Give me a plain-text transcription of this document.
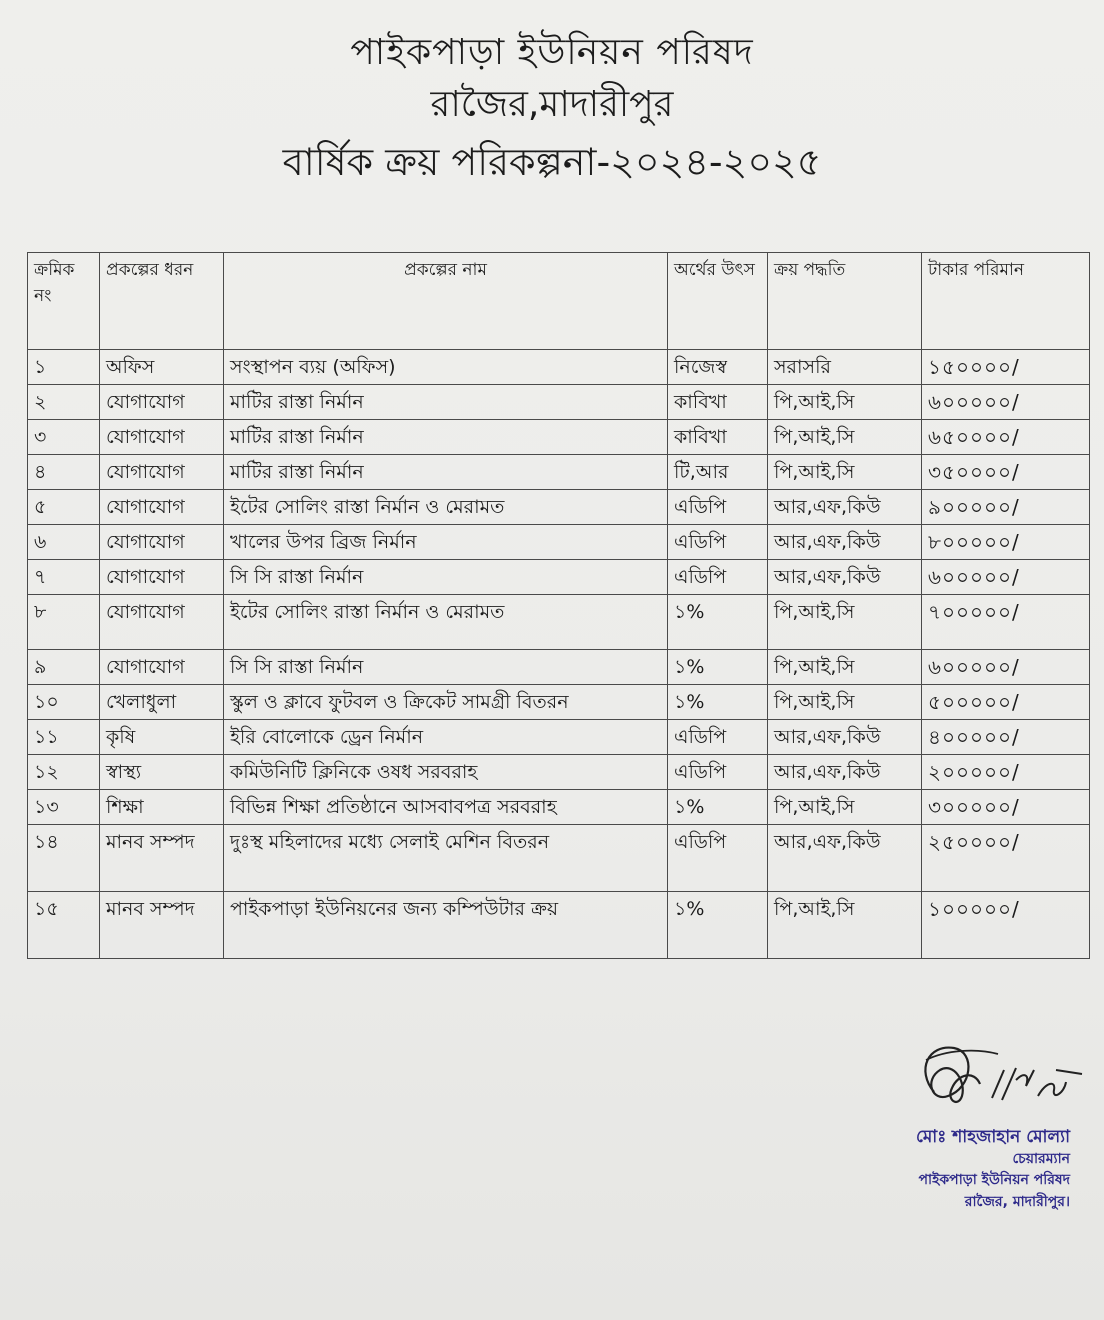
পাইকপাড়া ইউনিয়ন পরিষদ
রাজৈর,মাদারীপুর
বার্ষিক ক্রয় পরিকল্পনা-২০২৪-২০২৫
ক্রমিক নং	প্রকল্পের ধরন	প্রকল্পের নাম	অর্থের উৎস	ক্রয় পদ্ধতি	টাকার পরিমান
১	অফিস	সংস্থাপন ব্যয় (অফিস)	নিজেস্ব	সরাসরি	১৫০০০০/
২	যোগাযোগ	মাটির রাস্তা নির্মান	কাবিখা	পি,আই,সি	৬০০০০০/
৩	যোগাযোগ	মাটির রাস্তা নির্মান	কাবিখা	পি,আই,সি	৬৫০০০০/
৪	যোগাযোগ	মাটির রাস্তা নির্মান	টি,আর	পি,আই,সি	৩৫০০০০/
৫	যোগাযোগ	ইটের সোলিং রাস্তা নির্মান ও মেরামত	এডিপি	আর,এফ,কিউ	৯০০০০০/
৬	যোগাযোগ	খালের উপর ব্রিজ নির্মান	এডিপি	আর,এফ,কিউ	৮০০০০০/
৭	যোগাযোগ	সি সি রাস্তা নির্মান	এডিপি	আর,এফ,কিউ	৬০০০০০/
৮	যোগাযোগ	ইটের সোলিং রাস্তা নির্মান ও মেরামত	১%	পি,আই,সি	৭০০০০০/
৯	যোগাযোগ	সি সি রাস্তা নির্মান	১%	পি,আই,সি	৬০০০০০/
১০	খেলাধুলা	স্কুল ও ক্লাবে ফুটবল ও ক্রিকেট সামগ্রী বিতরন	১%	পি,আই,সি	৫০০০০০/
১১	কৃষি	ইরি বোলোকে ড্রেন নির্মান	এডিপি	আর,এফ,কিউ	৪০০০০০/
১২	স্বাস্থ্য	কমিউনিটি ক্লিনিকে ওষধ সরবরাহ	এডিপি	আর,এফ,কিউ	২০০০০০/
১৩	শিক্ষা	বিভিন্ন শিক্ষা প্রতিষ্ঠানে আসবাবপত্র সরবরাহ	১%	পি,আই,সি	৩০০০০০/
১৪	মানব সম্পদ	দুঃস্থ মহিলাদের মধ্যে সেলাই মেশিন বিতরন	এডিপি	আর,এফ,কিউ	২৫০০০০/
১৫	মানব সম্পদ	পাইকপাড়া ইউনিয়নের জন্য কম্পিউটার ক্রয়	১%	পি,আই,সি	১০০০০০/
মোঃ শাহজাহান মোল্যা
চেয়ারম্যান
পাইকপাড়া ইউনিয়ন পরিষদ
রাজৈর, মাদারীপুর।
